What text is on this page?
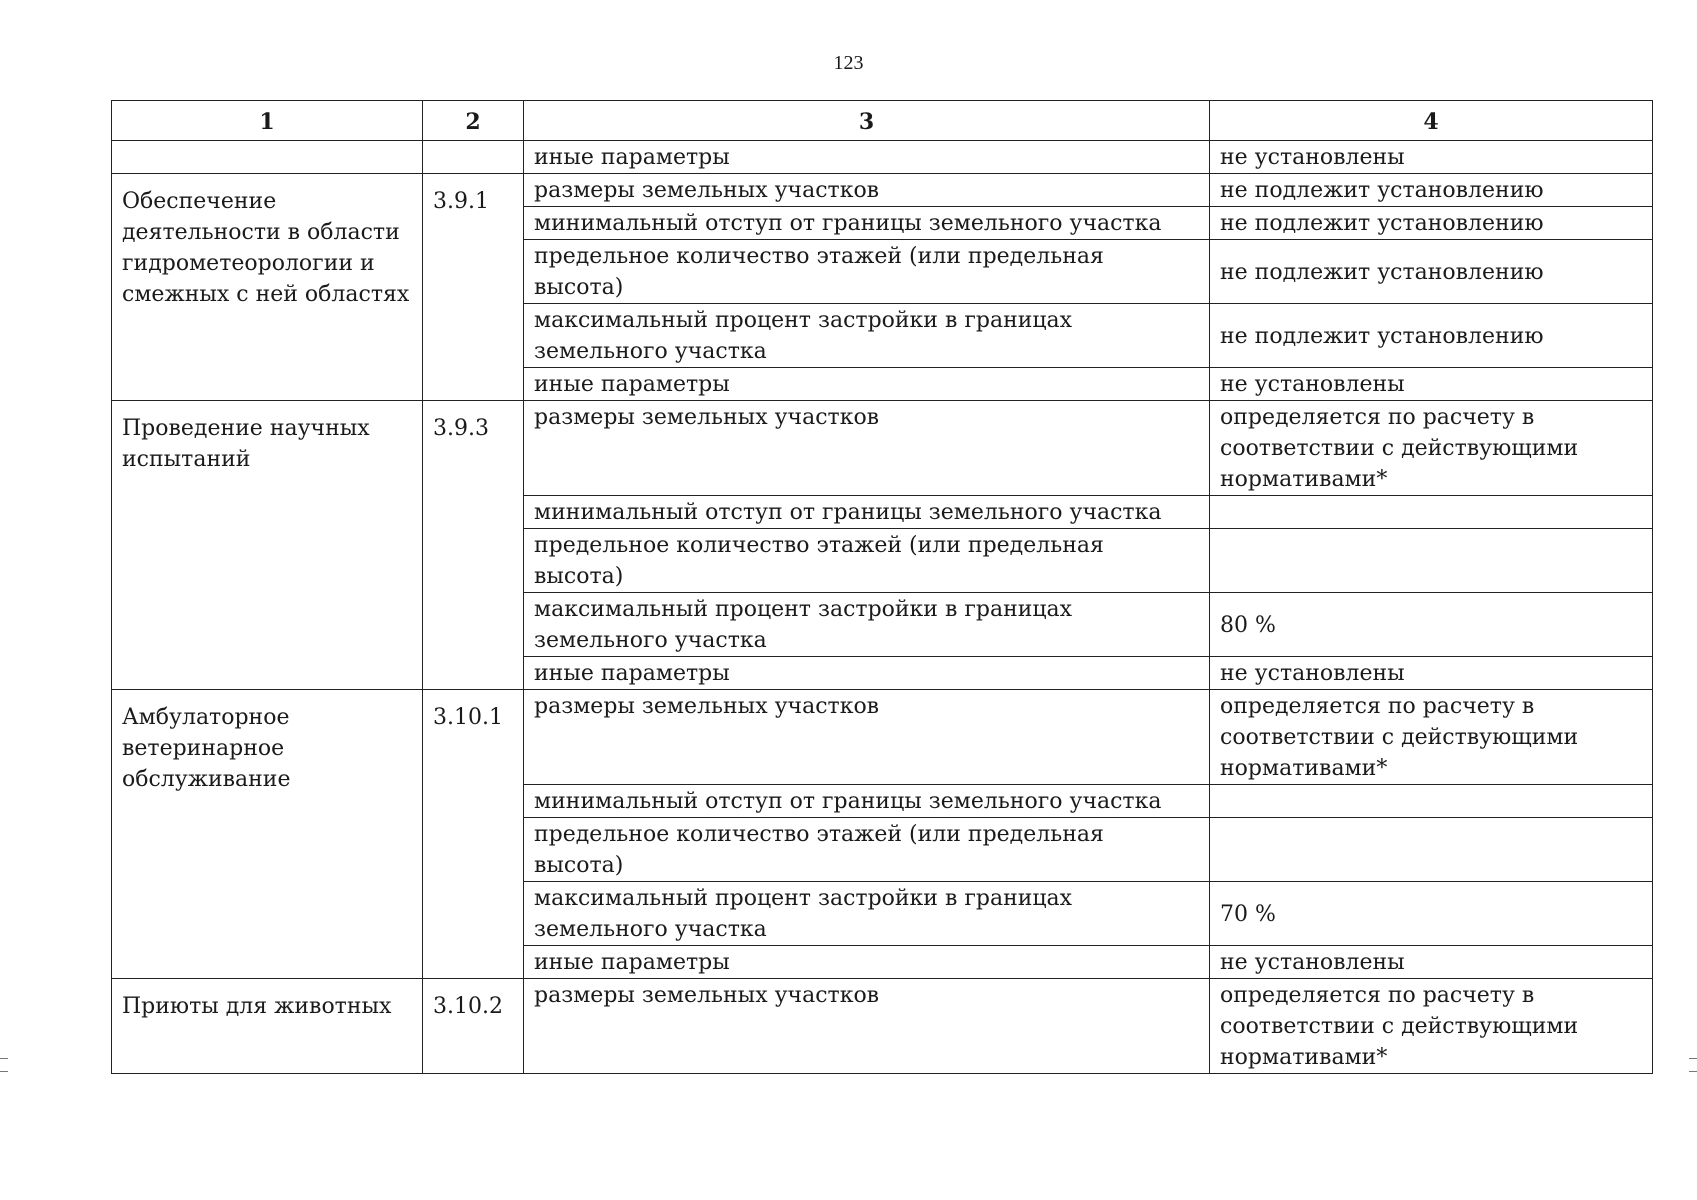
123
1	2	3	4
		иные параметры	не установлены
Обеспечение деятельности в области гидрометеорологии и смежных с ней областях	3.9.1	размеры земельных участков	не подлежит установлению
		минимальный отступ от границы земельного участка	не подлежит установлению
		предельное количество этажей (или предельная высота)	не подлежит установлению
		максимальный процент застройки в границах земельного участка	не подлежит установлению
		иные параметры	не установлены
Проведение научных испытаний	3.9.3	размеры земельных участков	определяется по расчету в соответствии с действующими нормативами*
		минимальный отступ от границы земельного участка	
		предельное количество этажей (или предельная высота)	
		максимальный процент застройки в границах земельного участка	80 %
		иные параметры	не установлены
Амбулаторное ветеринарное обслуживание	3.10.1	размеры земельных участков	определяется по расчету в соответствии с действующими нормативами*
		минимальный отступ от границы земельного участка	
		предельное количество этажей (или предельная высота)	
		максимальный процент застройки в границах земельного участка	70 %
		иные параметры	не установлены
Приюты для животных	3.10.2	размеры земельных участков	определяется по расчету в соответствии с действующими нормативами*
